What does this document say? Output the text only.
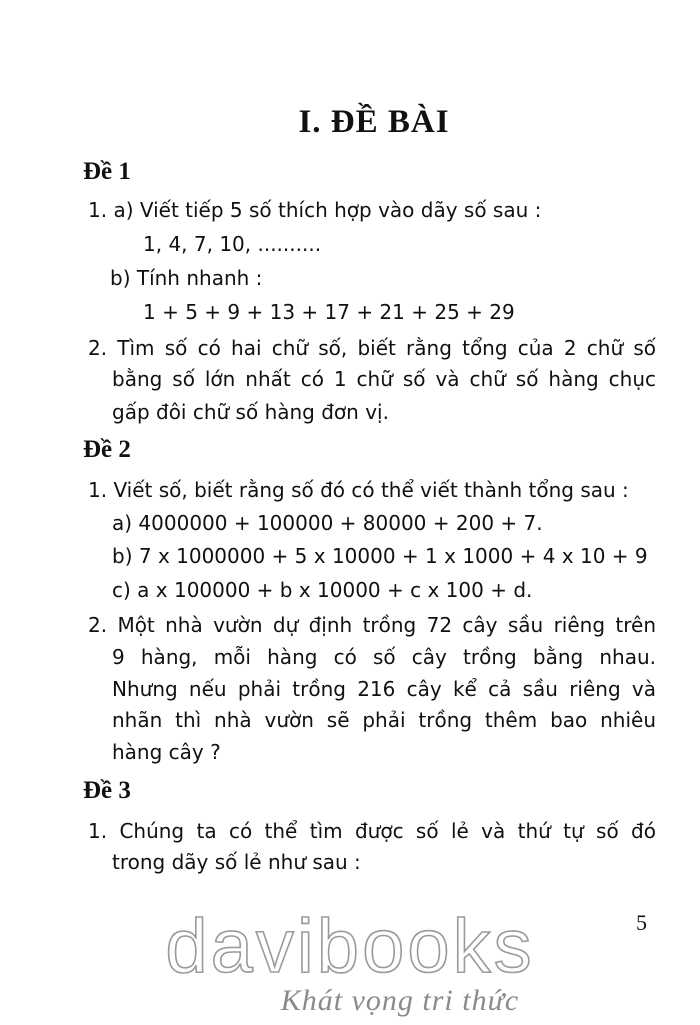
I. ĐỀ BÀI
Đề 1

1. a) Viết tiếp 5 số thích hợp vào dãy số sau :

1, 4, 7, 10, ..........

b) Tính nhanh :

1 + 5 + 9 + 13 + 17 + 21 + 25 + 29

2. Tìm số có hai chữ số, biết rằng tổng của 2 chữ số

bằng số lớn nhất có 1 chữ số và chữ số hàng chục

gấp đôi chữ số hàng đơn vị.

Đề 2

1. Viết số, biết rằng số đó có thể viết thành tổng sau :

a) 4000000 + 100000 + 80000 + 200 + 7.

b) 7 x 1000000 + 5 x 10000 + 1 x 1000 + 4 x 10 + 9

c) a x 100000 + b x 10000 + c x 100 + d.

2. Một nhà vườn dự định trồng 72 cây sầu riêng trên

9 hàng, mỗi hàng có số cây trồng bằng nhau.

Nhưng nếu phải trồng 216 cây kể cả sầu riêng và

nhãn thì nhà vườn sẽ phải trồng thêm bao nhiêu

hàng cây ?

Đề 3

1. Chúng ta có thể tìm được số lẻ và thứ tự số đó

trong dãy số lẻ như sau :

5
davibooks
Khát vọng tri thức
